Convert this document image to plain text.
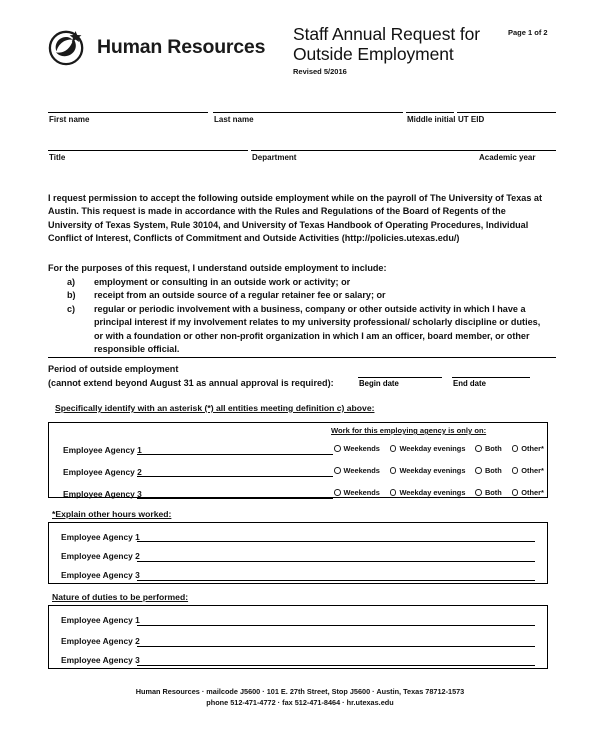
Human Resources
Staff Annual Request for
Outside Employment
Revised 5/2016
Page 1 of 2
First name	Last name	Middle initial UT EID
Title	Department	Academic year
I request permission to accept the following outside employment while on the payroll of The University of Texas at Austin. This request is made in accordance with the Rules and Regulations of the Board of Regents of the University of Texas System, Rule 30104, and University of Texas Handbook of Operating Procedures, Individual Conflict of Interest, Conflicts of Commitment and Outside Activities (http://policies.utexas.edu/)
For the purposes of this request, I understand outside employment to include:
a)	employment or consulting in an outside work or activity; or
b)	receipt from an outside source of a regular retainer fee or salary; or
c)	regular or periodic involvement with a business, company or other outside activity in which I have a principal interest if my involvement relates to my university professional/ scholarly discipline or duties, or with a foundation or other non-profit organization in which I am an officer, board member, or other responsible official.
Period of outside employment
(cannot extend beyond August 31 as annual approval is required):	Begin date	End date
Specifically identify with an asterisk (*) all entities meeting definition c) above:
Work for this employing agency is only on:
Employee Agency 1	Weekends	Weekday evenings	Both	Other*
Employee Agency 2	Weekends	Weekday evenings	Both	Other*
Employee Agency 3	Weekends	Weekday evenings	Both	Other*
*Explain other hours worked:
Employee Agency 1
Employee Agency 2
Employee Agency 3
Nature of duties to be performed:
Employee Agency 1
Employee Agency 2
Employee Agency 3
Human Resources · mailcode J5600 · 101 E. 27th Street, Stop J5600 · Austin, Texas 78712-1573
phone 512-471-4772 · fax 512-471-8464 · hr.utexas.edu
